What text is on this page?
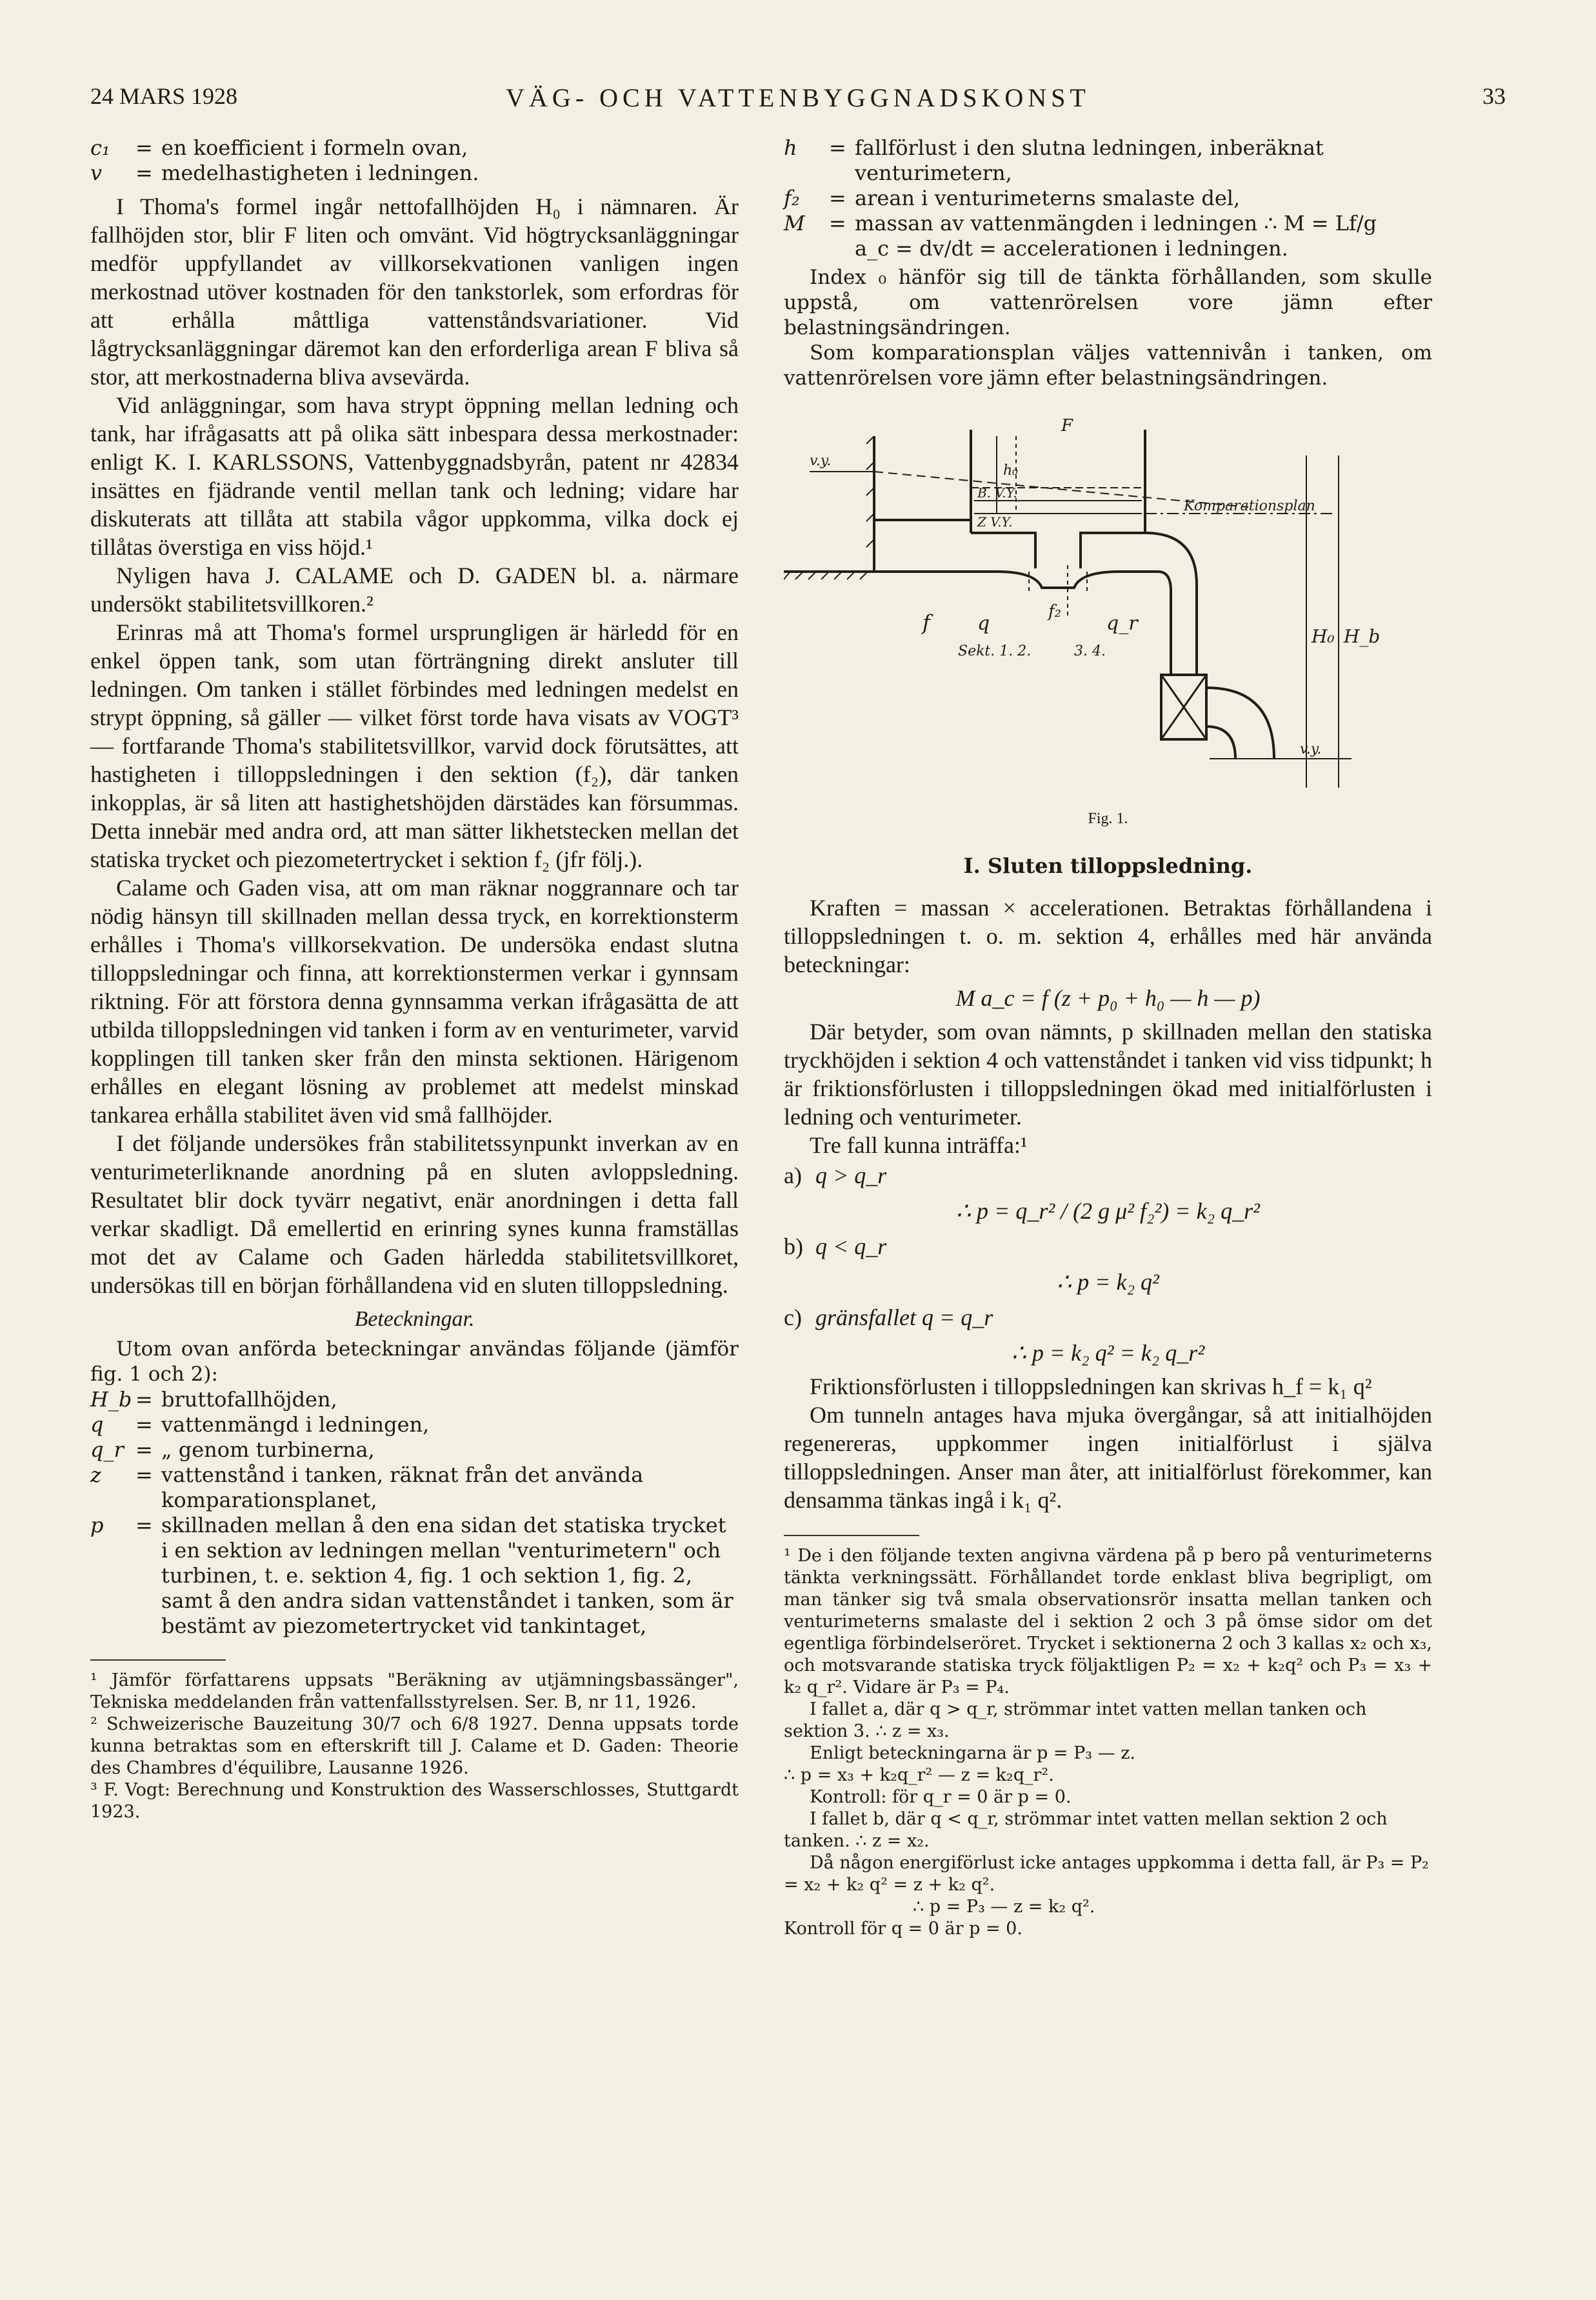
VÄG- OCH VATTENBYGGNADSKONST
24 MARS 1928	33
c₁	= en koefficient i formeln ovan,
v	= medelhastigheten i ledningen.

I Thoma's formel ingår nettofallhöjden H₀ i nämnaren. Är fallhöjden stor, blir F liten och omvänt. Vid högtrycksanläggningar medför uppfyllandet av villkorsekvationen vanligen ingen merkostnad utöver kostnaden för den tankstorlek, som erfordras för att erhålla måttliga vattenståndsvariationer. Vid lågtrycksanläggningar däremot kan den erforderliga arean F bliva så stor, att merkostnaderna bliva avsevärda.

Vid anläggningar, som hava strypt öppning mellan ledning och tank, har ifrågasatts att på olika sätt inbespara dessa merkostnader: enligt K. I. KARLSSONS, Vattenbyggnadsbyrån, patent nr 42834 insättes en fjädrande ventil mellan tank och ledning; vidare har diskuterats att tillåta att stabila vågor uppkomma, vilka dock ej tillåtas överstiga en viss höjd.¹

Nyligen hava J. CALAME och D. GADEN bl. a. närmare undersökt stabilitetsvillkoren.²

Erinras må att Thoma's formel ursprungligen är härledd för en enkel öppen tank, som utan förträngning direkt ansluter till ledningen. Om tanken i stället förbindes med ledningen medelst en strypt öppning, så gäller — vilket först torde hava visats av VOGT³ — fortfarande Thoma's stabilitetsvillkor, varvid dock förutsättes, att hastigheten i tilloppsledningen i den sektion (f₂), där tanken inkopplas, är så liten att hastighetshöjden därstädes kan försummas. Detta innebär med andra ord, att man sätter likhetstecken mellan det statiska trycket och piezometertrycket i sektion f₂ (jfr följ.).

Calame och Gaden visa, att om man räknar noggrannare och tar nödig hänsyn till skillnaden mellan dessa tryck, en korrektionsterm erhålles i Thoma's villkorsekvation. De undersöka endast slutna tilloppsledningar och finna, att korrektionstermen verkar i gynnsam riktning. För att förstora denna gynnsamma verkan ifrågasätta de att utbilda tilloppsledningen vid tanken i form av en venturimeter, varvid kopplingen till tanken sker från den minsta sektionen. Härigenom erhålles en elegant lösning av problemet att medelst minskad tankarea erhålla stabilitet även vid små fallhöjder.

I det följande undersökes från stabilitetssynpunkt inverkan av en venturimeterliknande anordning på en sluten avloppsledning. Resultatet blir dock tyvärr negativt, enär anordningen i detta fall verkar skadligt. Då emellertid en erinring synes kunna framställas mot det av Calame och Gaden härledda stabilitetsvillkoret, undersökas till en början förhållandena vid en sluten tilloppsledning.

Beteckningar.

Utom ovan anförda beteckningar användas följande (jämför fig. 1 och 2):

H_b = bruttofallhöjden,
q	= vattenmängd i ledningen,
q_r = „ genom turbinerna,
z	= vattenstånd i tanken, räknat från det använda komparationsplanet,
p	= skillnaden mellan å den ena sidan det statiska trycket i en sektion av ledningen mellan "venturimetern" och turbinen, t. e. sektion 4, fig. 1 och sektion 1, fig. 2, samt å den andra sidan vattenståndet i tanken, som är bestämt av piezometertrycket vid tankintaget,

¹ Jämför författarens uppsats "Beräkning av utjämningsbassänger", Tekniska meddelanden från vattenfallsstyrelsen. Ser. B, nr 11, 1926.

² Schweizerische Bauzeitung 30/7 och 6/8 1927. Denna uppsats torde kunna betraktas som en efterskrift till J. Calame et D. Gaden: Theorie des Chambres d'équilibre, Lausanne 1926.

³ F. Vogt: Berechnung und Konstruktion des Wasserschlosses, Stuttgardt 1923.

h	= fallförlust i den slutna ledningen, inberäknat venturimetern,
f₂	= arean i venturimeterns smalaste del,
M	= massan av vattenmängden i ledningen ∴ M = Lf/g
a_c = dv/dt = accelerationen i ledningen.

Index ₀ hänför sig till de tänkta förhållanden, som skulle uppstå, om vattenrörelsen vore jämn efter belastningsändringen.

Som komparationsplan väljes vattennivån i tanken, om vattenrörelsen vore jämn efter belastningsändringen.

v.y.
F
h₀
B. V.Y.
Z V.Y.
Komparationsplan
f q
f₂
q_r
Sekt. 1. 2.	3. 4.
H₀ H_b
v.y.
Fig. 1.
I. Sluten tilloppsledning.

Kraften = massan × accelerationen. Betraktas förhållandena i tilloppsledningen t. o. m. sektion 4, erhålles med här använda beteckningar:

M a_c = f (z + p₀ + h₀ — h — p)

Där betyder, som ovan nämnts, p skillnaden mellan den statiska tryckhöjden i sektion 4 och vattenståndet i tanken vid viss tidpunkt; h är friktionsförlusten i tilloppsledningen ökad med initialförlusten i ledning och venturimeter.

Tre fall kunna inträffa:¹

a) q > q_r
∴ p = q_r² / (2 g μ² f₂²) = k₂ q_r²
b) q < q_r
∴ p = k₂ q²
c) gränsfallet q = q_r
∴ p = k₂ q² = k₂ q_r²

Friktionsförlusten i tilloppsledningen kan skrivas h_f = k₁ q²

Om tunneln antages hava mjuka övergångar, så att initialhöjden regenereras, uppkommer ingen initialförlust i själva tilloppsledningen. Anser man åter, att initialförlust förekommer, kan densamma tänkas ingå i k₁ q².

¹ De i den följande texten angivna värdena på p bero på venturimeterns tänkta verkningssätt. Förhållandet torde enklast bliva begripligt, om man tänker sig två smala observationsrör insatta mellan tanken och venturimeterns smalaste del i sektion 2 och 3 på ömse sidor om det egentliga förbindelseröret. Trycket i sektionerna 2 och 3 kallas x₂ och x₃, och motsvarande statiska tryck följaktligen P₂ = x₂ + k₂q² och P₃ = x₃ + k₂ q_r². Vidare är P₃ = P₄.

I fallet a, där q > q_r, strömmar intet vatten mellan tanken och sektion 3. ∴ z = x₃.

Enligt beteckningarna är p = P₃ — z.

∴ p = x₃ + k₂q_r² — z = k₂q_r².

Kontroll: för q_r = 0 är p = 0.

I fallet b, där q < q_r, strömmar intet vatten mellan sektion 2 och tanken. ∴ z = x₂.

Då någon energiförlust icke antages uppkomma i detta fall, är P₃ = P₂ = x₂ + k₂ q² = z + k₂ q².

∴ p = P₃ — z = k₂ q².

Kontroll för q = 0 är p = 0.
